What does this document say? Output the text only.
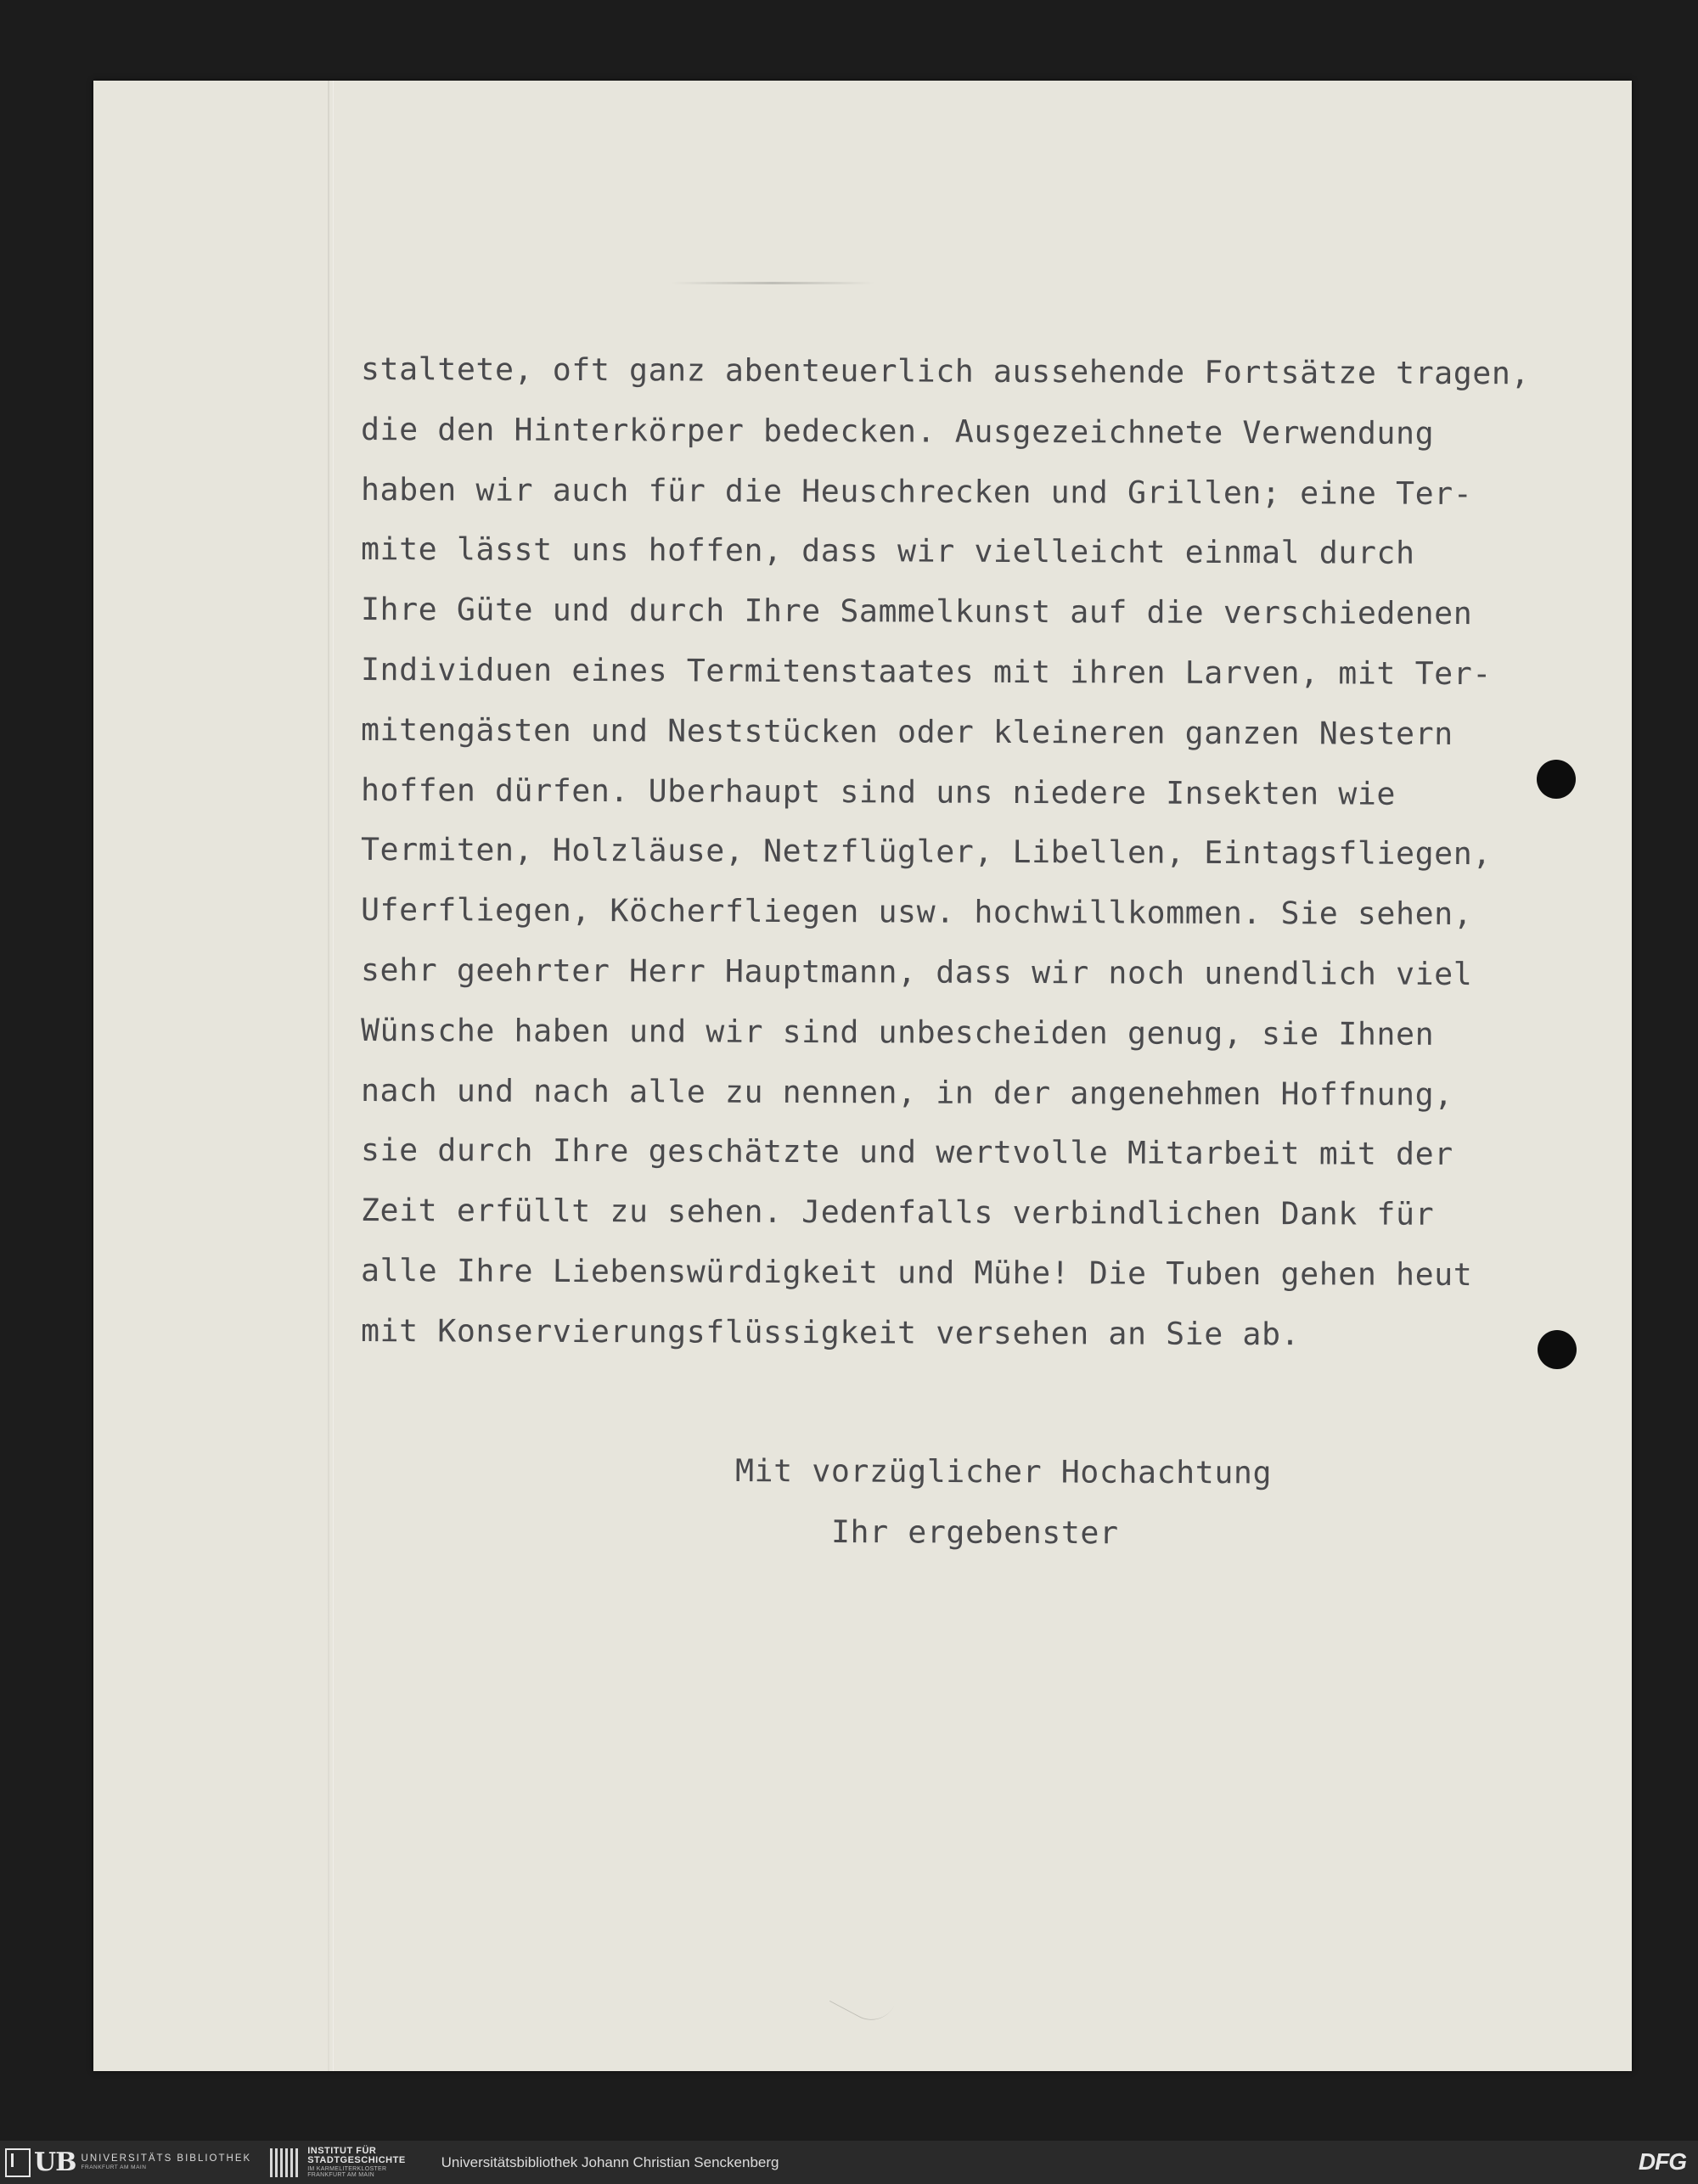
staltete, oft ganz abenteuerlich aussehende Fortsätze tragen,
die den Hinterkörper bedecken. Ausgezeichnete Verwendung
haben wir auch für die Heuschrecken und Grillen; eine Ter-
mite lässt uns hoffen, dass wir vielleicht einmal durch
Ihre Güte und durch Ihre Sammelkunst auf die verschiedenen
Individuen eines Termitenstaates mit ihren Larven, mit Ter-
mitengästen und Neststücken oder kleineren ganzen Nestern
hoffen dürfen. Uberhaupt sind uns niedere Insekten wie
Termiten, Holzläuse, Netzflügler, Libellen, Eintagsfliegen,
Uferfliegen, Köcherfliegen usw. hochwillkommen. Sie sehen,
sehr geehrter Herr Hauptmann, dass wir noch unendlich viel
Wünsche haben und wir sind unbescheiden genug, sie Ihnen
nach und nach alle zu nennen, in der angenehmen Hoffnung,
sie durch Ihre geschätzte und wertvolle Mitarbeit mit der
Zeit erfüllt zu sehen. Jedenfalls verbindlichen Dank für
alle Ihre Liebenswürdigkeit und Mühe! Die Tuben gehen heut
mit Konservierungsflüssigkeit versehen an Sie ab.
Mit vorzüglicher Hochachtung
Ihr ergebenster
UB UNIVERSITÄTS BIBLIOTHEK
FRANKFURT AM MAIN
INSTITUT FÜR
STADTGESCHICHTE
IM KARMELITERKLOSTER
FRANKFURT AM MAIN
Universitätsbibliothek Johann Christian Senckenberg	DFG
